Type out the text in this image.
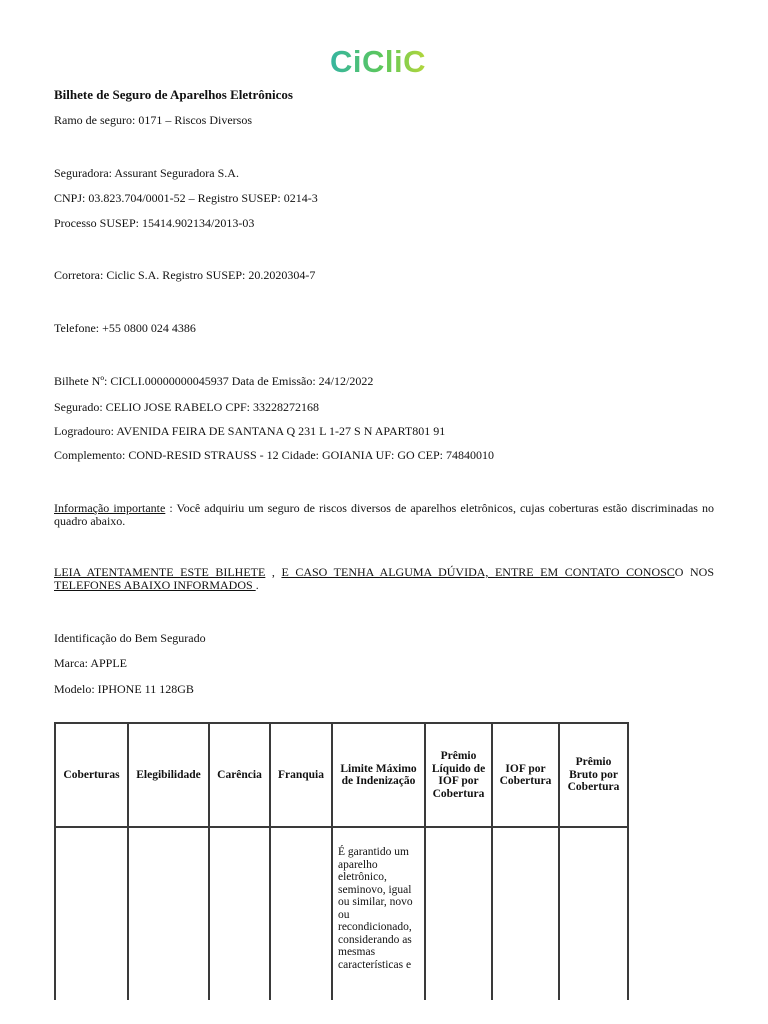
CiCliC
Bilhete de Seguro de Aparelhos Eletrônicos
Ramo de seguro: 0171 – Riscos Diversos
Seguradora: Assurant Seguradora S.A.
CNPJ: 03.823.704/0001-52 – Registro SUSEP: 0214-3
Processo SUSEP: 15414.902134/2013-03
Corretora: Ciclic S.A. Registro SUSEP: 20.2020304-7
Telefone: +55 0800 024 4386
Bilhete Nº: CICLI.00000000045937 Data de Emissão: 24/12/2022
Segurado: CELIO JOSE RABELO CPF: 33228272168
Logradouro: AVENIDA FEIRA DE SANTANA Q 231 L 1-27 S N APART801 91
Complemento: COND-RESID STRAUSS - 12 Cidade: GOIANIA UF: GO CEP: 74840010
Informação importante : Você adquiriu um seguro de riscos diversos de aparelhos eletrônicos, cujas coberturas estão discriminadas no quadro abaixo.
LEIA ATENTAMENTE ESTE BILHETE , E CASO TENHA ALGUMA DÚVIDA, ENTRE EM CONTATO CONOSCO NOS TELEFONES ABAIXO INFORMADOS .
Identificação do Bem Segurado
Marca: APPLE
Modelo: IPHONE 11 128GB
Coberturas	Elegibilidade	Carência	Franquia	Limite Máximo de Indenização	Prêmio Líquido de IOF por Cobertura	IOF por Cobertura	Prêmio Bruto por Cobertura
				É garantido um aparelho eletrônico, seminovo, igual ou similar, novo ou recondicionado, considerando as mesmas características e			
